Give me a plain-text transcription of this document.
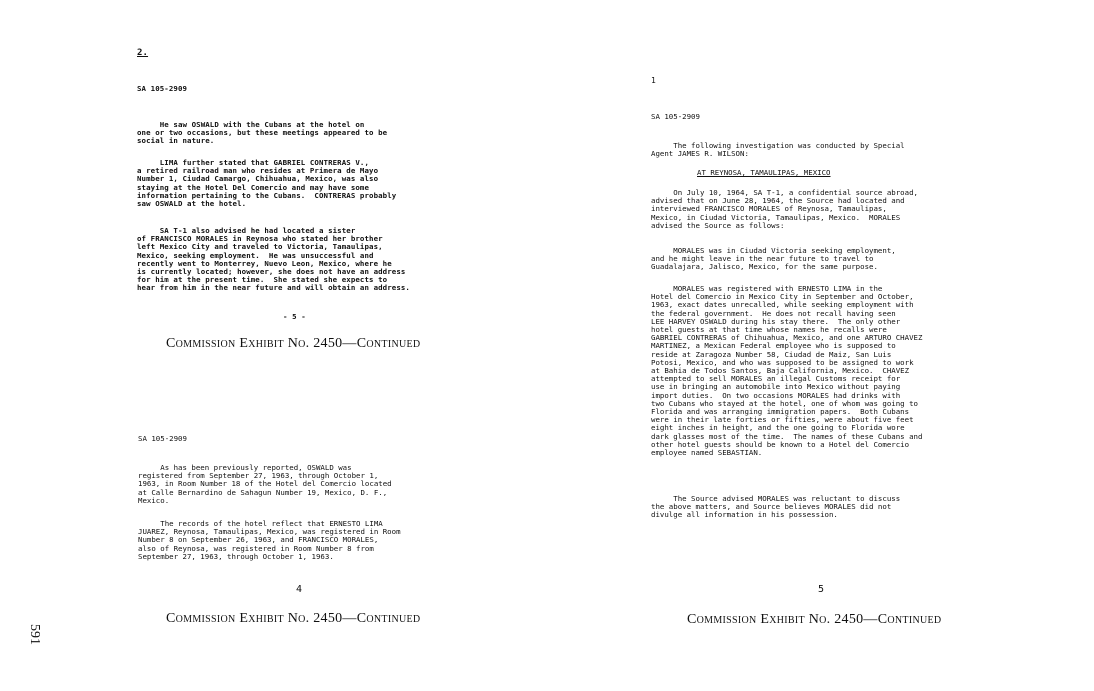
2.
SA 105-2909
He saw OSWALD with the Cubans at the hotel on
one or two occasions, but these meetings appeared to be
social in nature.
LIMA further stated that GABRIEL CONTRERAS V.,
a retired railroad man who resides at Primera de Mayo
Number 1, Ciudad Camargo, Chihuahua, Mexico, was also
staying at the Hotel Del Comercio and may have some
information pertaining to the Cubans.  CONTRERAS probably
saw OSWALD at the hotel.
SA T-1 also advised he had located a sister
of FRANCISCO MORALES in Reynosa who stated her brother
left Mexico City and traveled to Victoria, Tamaulipas,
Mexico, seeking employment.  He was unsuccessful and
recently went to Monterrey, Nuevo Leon, Mexico, where he
is currently located; however, she does not have an address
for him at the present time.  She stated she expects to
hear from him in the near future and will obtain an address.
- 5 -
Commission Exhibit No. 2450—Continued
SA 105-2909
As has been previously reported, OSWALD was
registered from September 27, 1963, through October 1,
1963, in Room Number 18 of the Hotel del Comercio located
at Calle Bernardino de Sahagun Number 19, Mexico, D. F.,
Mexico.
The records of the hotel reflect that ERNESTO LIMA
JUAREZ, Reynosa, Tamaulipas, Mexico, was registered in Room
Number 8 on September 26, 1963, and FRANCISCO MORALES,
also of Reynosa, was registered in Room Number 8 from
September 27, 1963, through October 1, 1963.
4
Commission Exhibit No. 2450—Continued
1
SA 105-2909
The following investigation was conducted by Special
Agent JAMES R. WILSON:
AT REYNOSA, TAMAULIPAS, MEXICO
On July 10, 1964, SA T-1, a confidential source abroad,
advised that on June 28, 1964, the Source had located and
interviewed FRANCISCO MORALES of Reynosa, Tamaulipas,
Mexico, in Ciudad Victoria, Tamaulipas, Mexico.  MORALES
advised the Source as follows:
MORALES was in Ciudad Victoria seeking employment,
and he might leave in the near future to travel to
Guadalajara, Jalisco, Mexico, for the same purpose.
MORALES was registered with ERNESTO LIMA in the
Hotel del Comercio in Mexico City in September and October,
1963, exact dates unrecalled, while seeking employment with
the federal government.  He does not recall having seen
LEE HARVEY OSWALD during his stay there.  The only other
hotel guests at that time whose names he recalls were
GABRIEL CONTRERAS of Chihuahua, Mexico, and one ARTURO CHAVEZ
MARTINEZ, a Mexican Federal employee who is supposed to
reside at Zaragoza Number 58, Ciudad de Maiz, San Luis
Potosi, Mexico, and who was supposed to be assigned to work
at Bahia de Todos Santos, Baja California, Mexico.  CHAVEZ
attempted to sell MORALES an illegal Customs receipt for
use in bringing an automobile into Mexico without paying
import duties.  On two occasions MORALES had drinks with
two Cubans who stayed at the hotel, one of whom was going to
Florida and was arranging immigration papers.  Both Cubans
were in their late forties or fifties, were about five feet
eight inches in height, and the one going to Florida wore
dark glasses most of the time.  The names of these Cubans and
other hotel guests should be known to a Hotel del Comercio
employee named SEBASTIAN.
The Source advised MORALES was reluctant to discuss
the above matters, and Source believes MORALES did not
divulge all information in his possession.
5
Commission Exhibit No. 2450—Continued
591
